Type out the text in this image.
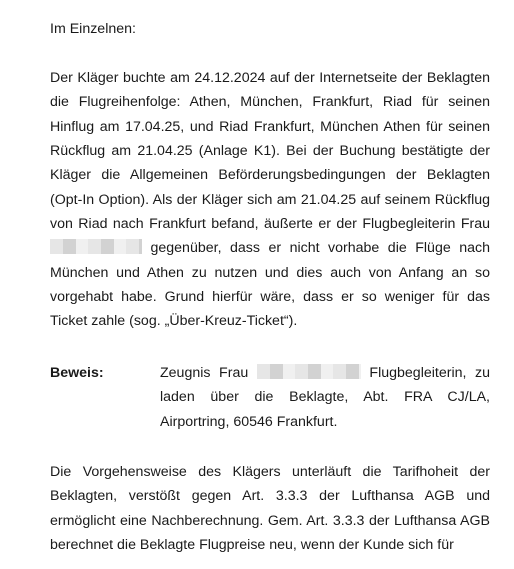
Im Einzelnen:

Der Kläger buchte am 24.12.2024 auf der Internetseite der Beklagten die Flugreihenfolge: Athen, München, Frankfurt, Riad für seinen Hinflug am 17.04.25, und Riad Frankfurt, München Athen für seinen Rückflug am 21.04.25 (Anlage K1). Bei der Buchung bestätigte der Kläger die Allgemeinen Beförderungsbedingungen der Beklagten (Opt-In Option). Als der Kläger sich am 21.04.25 auf seinem Rückflug von Riad nach Frankfurt befand, äußerte er der Flugbegleiterin Frau  gegenüber, dass er nicht vorhabe die Flüge nach München und Athen zu nutzen und dies auch von Anfang an so vorgehabt habe. Grund hierfür wäre, dass er so weniger für das Ticket zahle (sog. „Über-Kreuz-Ticket“).

Beweis:	Zeugnis Frau	Flugbegleiterin, zu laden über die Beklagte, Abt. FRA CJ/LA, Airportring, 60546 Frankfurt.

Die Vorgehensweise des Klägers unterläuft die Tarifhoheit der Beklagten, verstößt gegen Art. 3.3.3 der Lufthansa AGB und ermöglicht eine Nachberechnung. Gem. Art. 3.3.3 der Lufthansa AGB berechnet die Beklagte Flugpreise neu, wenn der Kunde sich für
